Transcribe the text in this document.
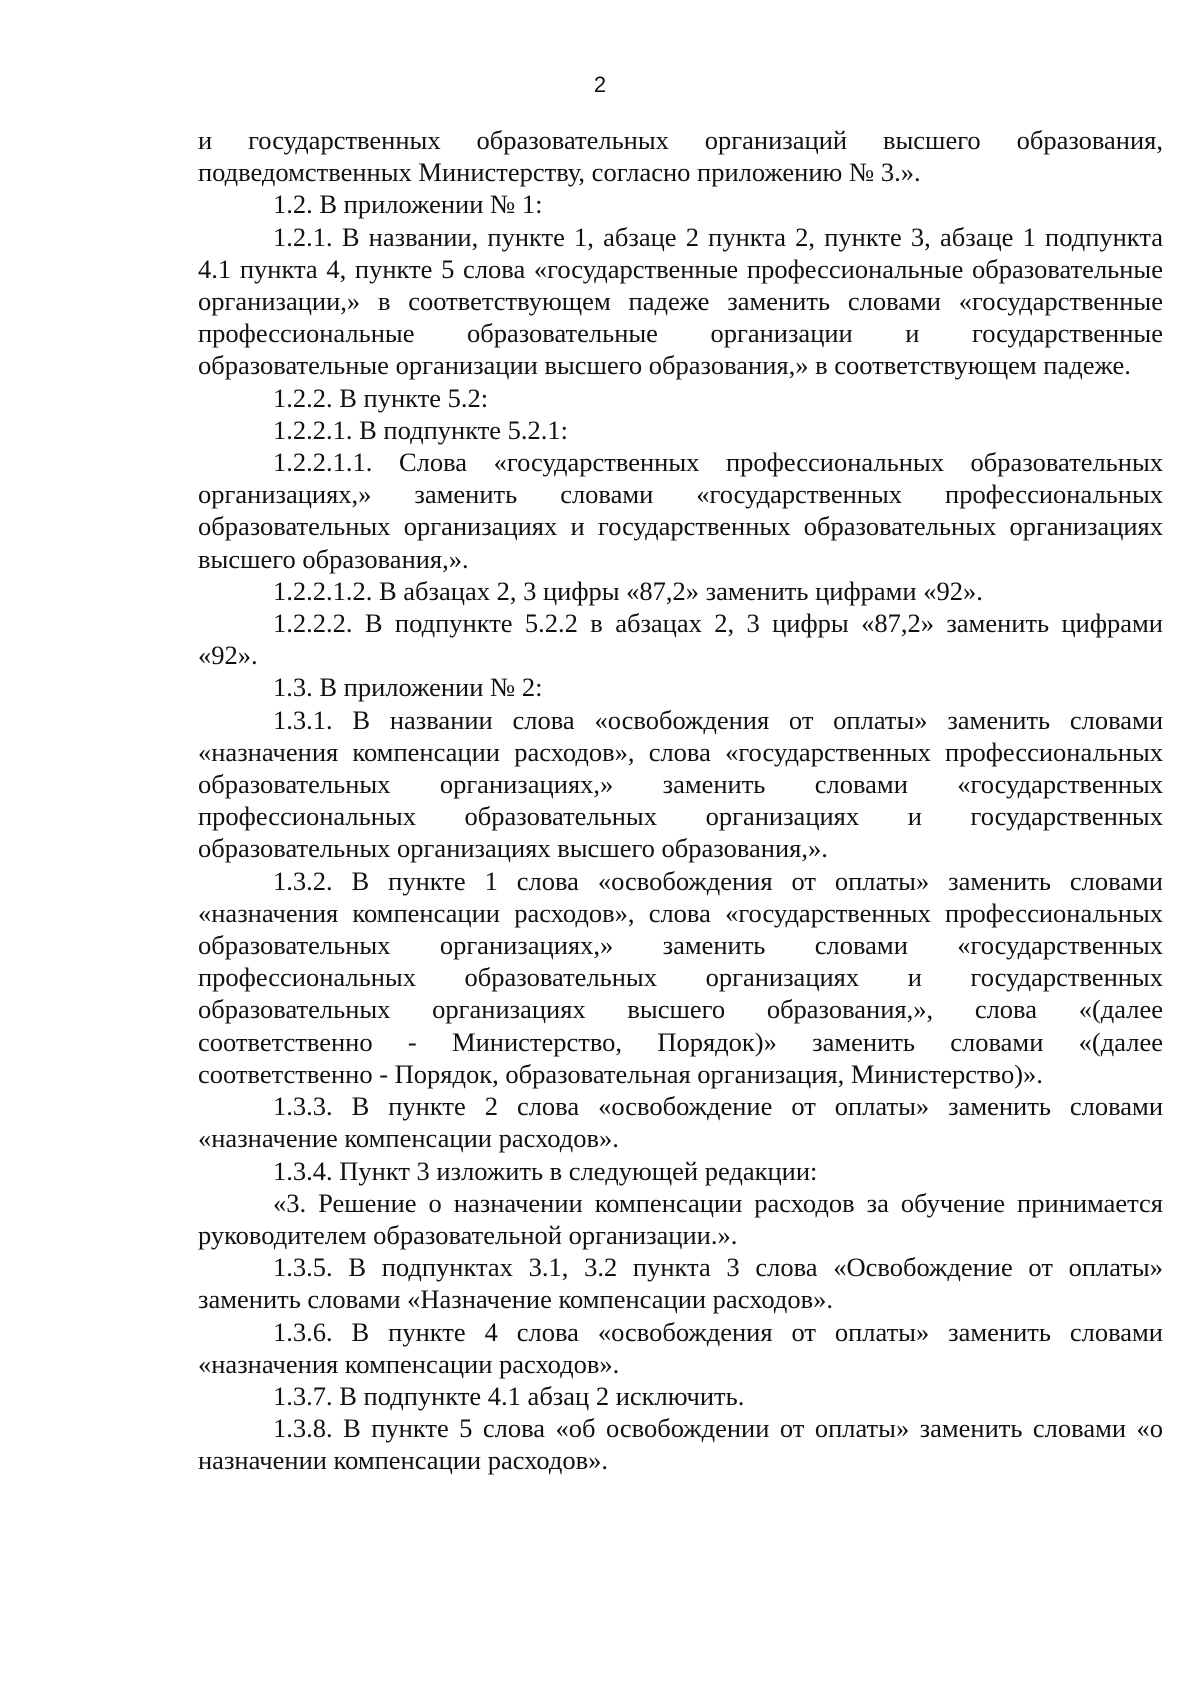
2

и государственных образовательных организаций высшего образования, подведомственных Министерству, согласно приложению № 3.».

1.2. В приложении № 1:

1.2.1. В названии, пункте 1, абзаце 2 пункта 2, пункте 3, абзаце 1 подпункта 4.1 пункта 4, пункте 5 слова «государственные профессиональные образовательные организации,» в соответствующем падеже заменить словами «государственные профессиональные образовательные организации и государственные образовательные организации высшего образования,» в соответствующем падеже.

1.2.2. В пункте 5.2:

1.2.2.1. В подпункте 5.2.1:

1.2.2.1.1. Слова «государственных профессиональных образовательных организациях,» заменить словами «государственных профессиональных образовательных организациях и государственных образовательных организациях высшего образования,».

1.2.2.1.2. В абзацах 2, 3 цифры «87,2» заменить цифрами «92».

1.2.2.2. В подпункте 5.2.2 в абзацах 2, 3 цифры «87,2» заменить цифрами «92».

1.3. В приложении № 2:

1.3.1. В названии слова «освобождения от оплаты» заменить словами «назначения компенсации расходов», слова «государственных профессиональных образовательных организациях,» заменить словами «государственных профессиональных образовательных организациях и государственных образовательных организациях высшего образования,».

1.3.2. В пункте 1 слова «освобождения от оплаты» заменить словами «назначения компенсации расходов», слова «государственных профессиональных образовательных организациях,» заменить словами «государственных профессиональных образовательных организациях и государственных образовательных организациях высшего образования,», слова «(далее соответственно - Министерство, Порядок)» заменить словами «(далее соответственно - Порядок, образовательная организация, Министерство)».

1.3.3. В пункте 2 слова «освобождение от оплаты» заменить словами «назначение компенсации расходов».

1.3.4. Пункт 3 изложить в следующей редакции:

«3. Решение о назначении компенсации расходов за обучение принимается руководителем образовательной организации.».

1.3.5. В подпунктах 3.1, 3.2 пункта 3 слова «Освобождение от оплаты» заменить словами «Назначение компенсации расходов».

1.3.6. В пункте 4 слова «освобождения от оплаты» заменить словами «назначения компенсации расходов».

1.3.7. В подпункте 4.1 абзац 2 исключить.

1.3.8. В пункте 5 слова «об освобождении от оплаты» заменить словами «о назначении компенсации расходов».
